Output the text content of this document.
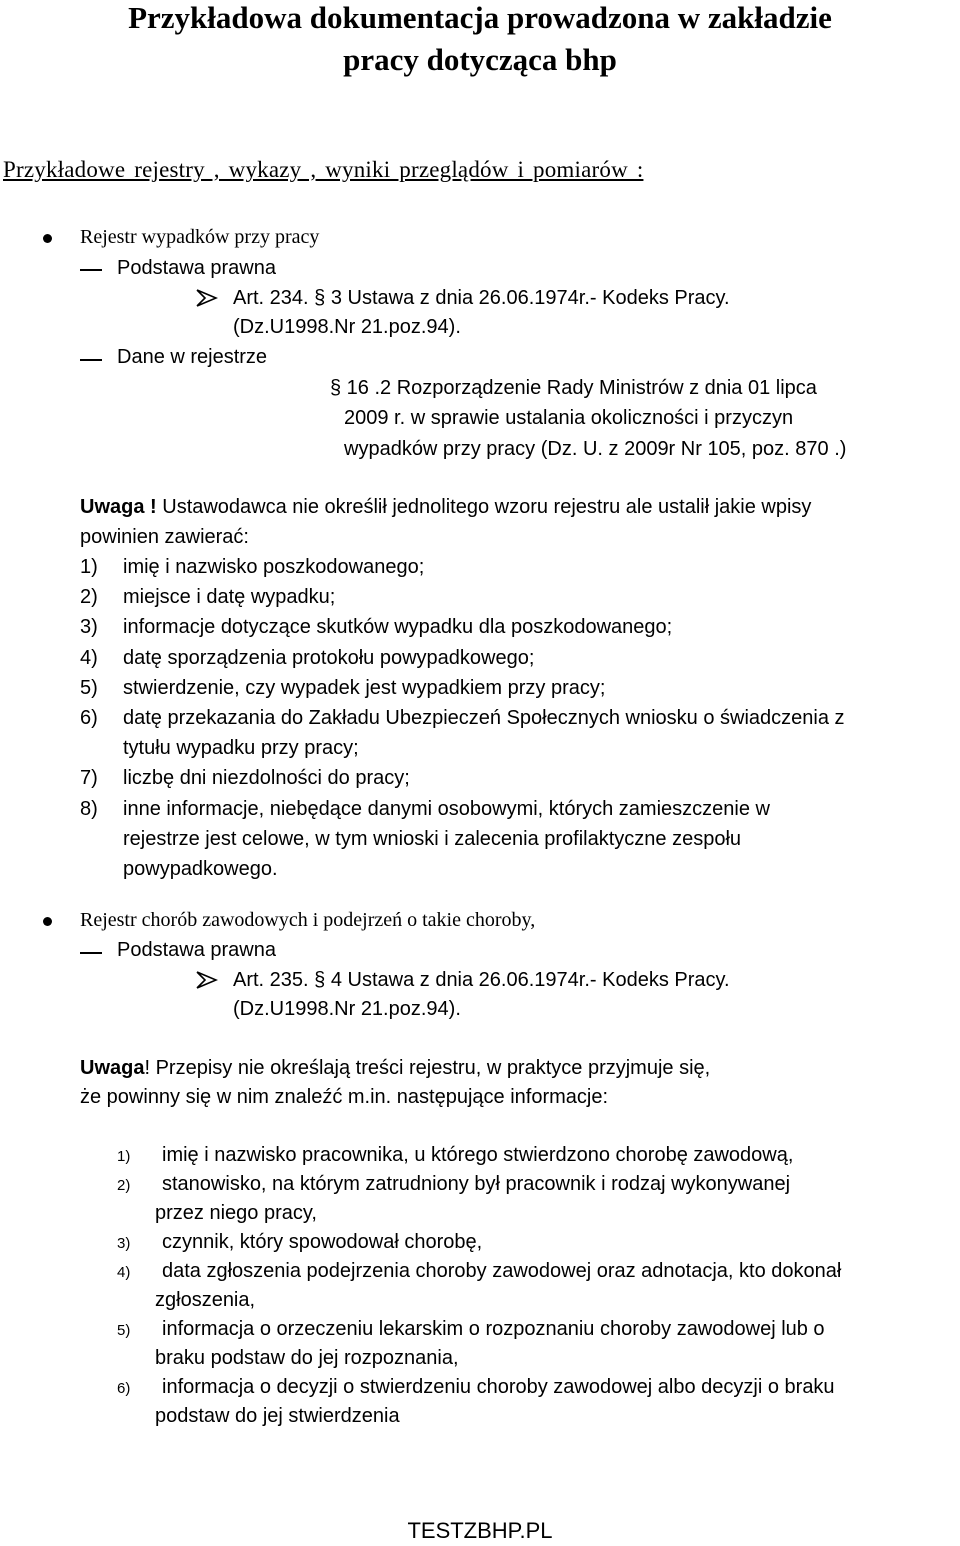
Przykładowa dokumentacja prowadzona w zakładzie
pracy dotycząca bhp
Przykładowe rejestry , wykazy , wyniki przeglądów i pomiarów :
Rejestr wypadków przy pracy
Podstawa prawna
Art. 234. § 3 Ustawa z dnia 26.06.1974r.- Kodeks Pracy.
(Dz.U1998.Nr 21.poz.94).
Dane w rejestrze
§ 16 .2 Rozporządzenie Rady Ministrów z dnia 01 lipca
2009 r. w sprawie ustalania okoliczności i przyczyn
wypadków przy pracy (Dz. U. z 2009r Nr 105, poz. 870 .)
Uwaga ! Ustawodawca nie określił jednolitego wzoru rejestru ale ustalił jakie wpisy
powinien zawierać:
1) imię i nazwisko poszkodowanego;
2) miejsce i datę wypadku;
3) informacje dotyczące skutków wypadku dla poszkodowanego;
4) datę sporządzenia protokołu powypadkowego;
5) stwierdzenie, czy wypadek jest wypadkiem przy pracy;
6) datę przekazania do Zakładu Ubezpieczeń Społecznych wniosku o świadczenia z
tytułu wypadku przy pracy;
7) liczbę dni niezdolności do pracy;
8) inne informacje, niebędące danymi osobowymi, których zamieszczenie w
rejestrze jest celowe, w tym wnioski i zalecenia profilaktyczne zespołu
powypadkowego.
Rejestr chorób zawodowych i podejrzeń o takie choroby,
Podstawa prawna
Art. 235. § 4 Ustawa z dnia 26.06.1974r.- Kodeks Pracy.
(Dz.U1998.Nr 21.poz.94).
Uwaga! Przepisy nie określają treści rejestru, w praktyce przyjmuje się,
że powinny się w nim znaleźć m.in. następujące informacje:
1) imię i nazwisko pracownika, u którego stwierdzono chorobę zawodową,
2) stanowisko, na którym zatrudniony był pracownik i rodzaj wykonywanej
przez niego pracy,
3) czynnik, który spowodował chorobę,
4) data zgłoszenia podejrzenia choroby zawodowej oraz adnotacja, kto dokonał
zgłoszenia,
5) informacja o orzeczeniu lekarskim o rozpoznaniu choroby zawodowej lub o
braku podstaw do jej rozpoznania,
6) informacja o decyzji o stwierdzeniu choroby zawodowej albo decyzji o braku
podstaw do jej stwierdzenia
TESTZBHP.PL
